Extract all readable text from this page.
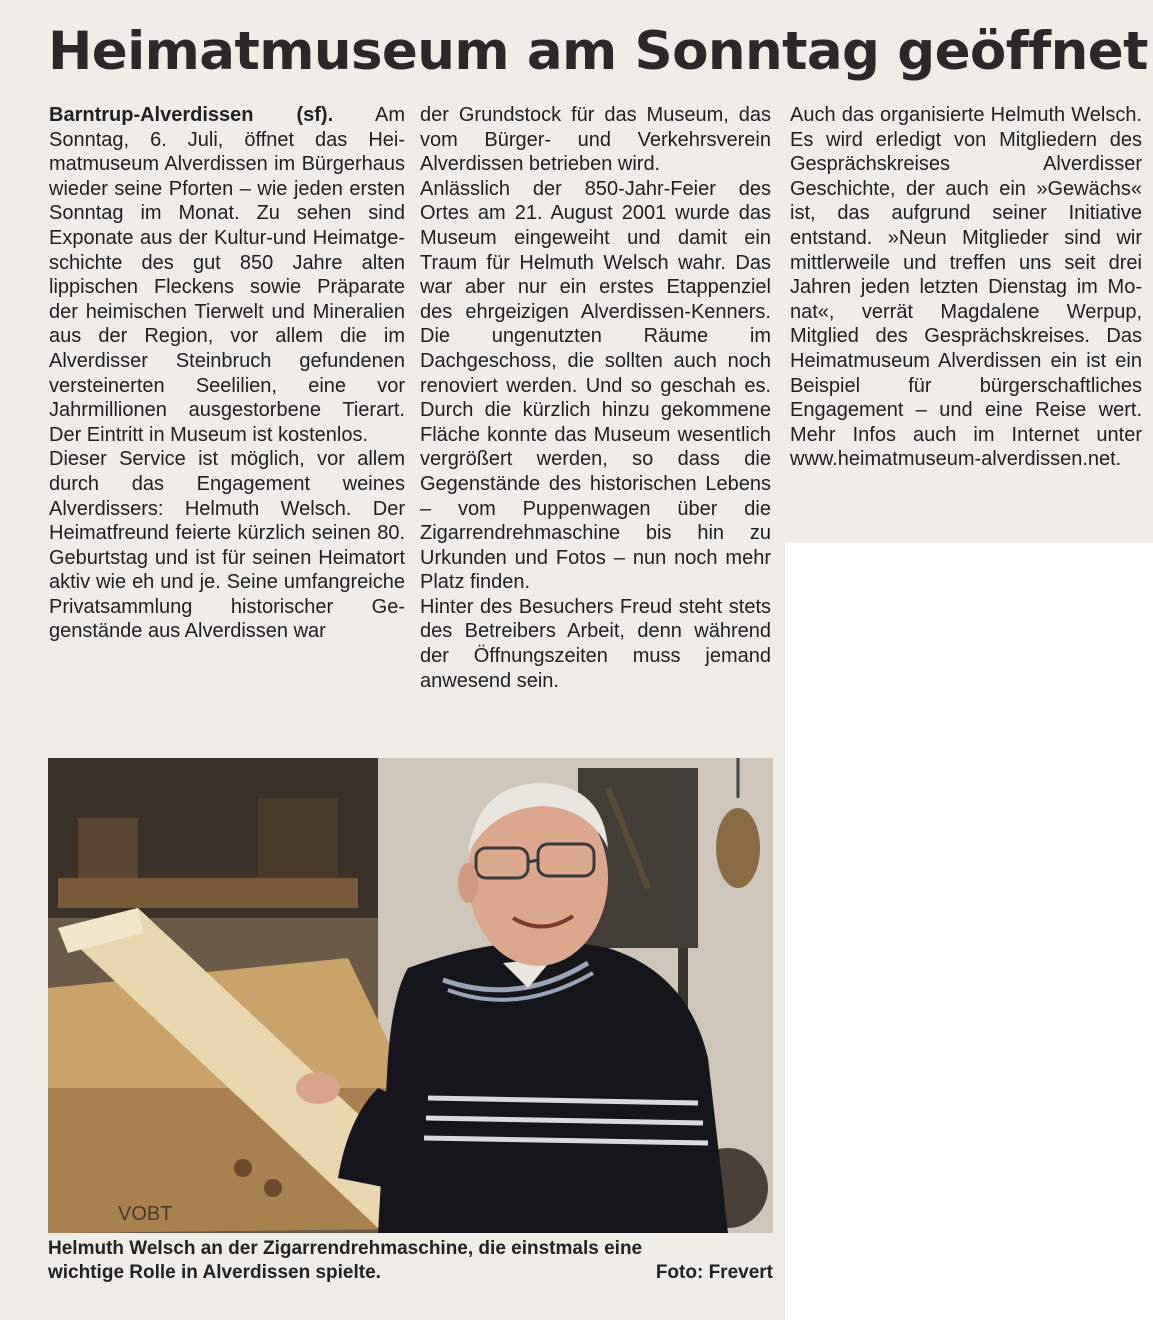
Heimatmuseum am Sonntag geöffnet

Barntrup-Alverdissen (sf). Am Sonntag, 6. Juli, öffnet das Heimatmuseum Alverdissen im Bürgerhaus wieder seine Pforten – wie jeden ersten Sonntag im Monat. Zu sehen sind Exponate aus der Kultur-und Heimatgeschichte des gut 850 Jahre alten lippischen Fleckens sowie Präparate der heimischen Tierwelt und Mineralien aus der Region, vor allem die im Alverdisser Steinbruch gefundenen versteinerten Seelilien, eine vor Jahrmillionen ausgestorbene Tierart. Der Eintritt in Museum ist kostenlos.

Dieser Service ist möglich, vor allem durch das Engagement weines Alverdissers: Helmuth Welsch. Der Heimatfreund feierte kürzlich seinen 80. Geburtstag und ist für seinen Heimatort aktiv wie eh und je. Seine umfangreiche Privatsammlung historischer Gegenstände aus Alverdissen war

der Grundstock für das Museum, das vom Bürger- und Verkehrsverein Alverdissen betrieben wird.

Anlässlich der 850-Jahr-Feier des Ortes am 21. August 2001 wurde das Museum eingeweiht und damit ein Traum für Helmuth Welsch wahr. Das war aber nur ein erstes Etappenziel des ehrgeizigen Alverdissen-Kenners. Die ungenutzten Räume im Dachgeschoss, die sollten auch noch renoviert werden. Und so geschah es. Durch die kürzlich hinzu gekommene Fläche konnte das Museum wesentlich vergrößert werden, so dass die Gegenstände des historischen Lebens – vom Puppenwagen über die Zigarrendrehmaschine bis hin zu Urkunden und Fotos – nun noch mehr Platz finden.

Hinter des Besuchers Freud steht stets des Betreibers Arbeit, denn während der Öffnungszeiten muss jemand anwesend sein.

Auch das organisierte Helmuth Welsch. Es wird erledigt von Mitgliedern des Gesprächskreises Alverdisser Geschichte, der auch ein »Gewächs« ist, das aufgrund seiner Initiative entstand. »Neun Mitglieder sind wir mittlerweile und treffen uns seit drei Jahren jeden letzten Dienstag im Monat«, verrät Magdalene Werpup, Mitglied des Gesprächskreises. Das Heimatmuseum Alverdissen ein ist ein Beispiel für bürgerschaftliches Engagement – und eine Reise wert. Mehr Infos auch im Internet unter www.heimatmuseum-alverdissen.net.

VOBT
Helmuth Welsch an der Zigarrendrehmaschine, die einstmals eine
wichtige Rolle in Alverdissen spielte.	Foto: Frevert
